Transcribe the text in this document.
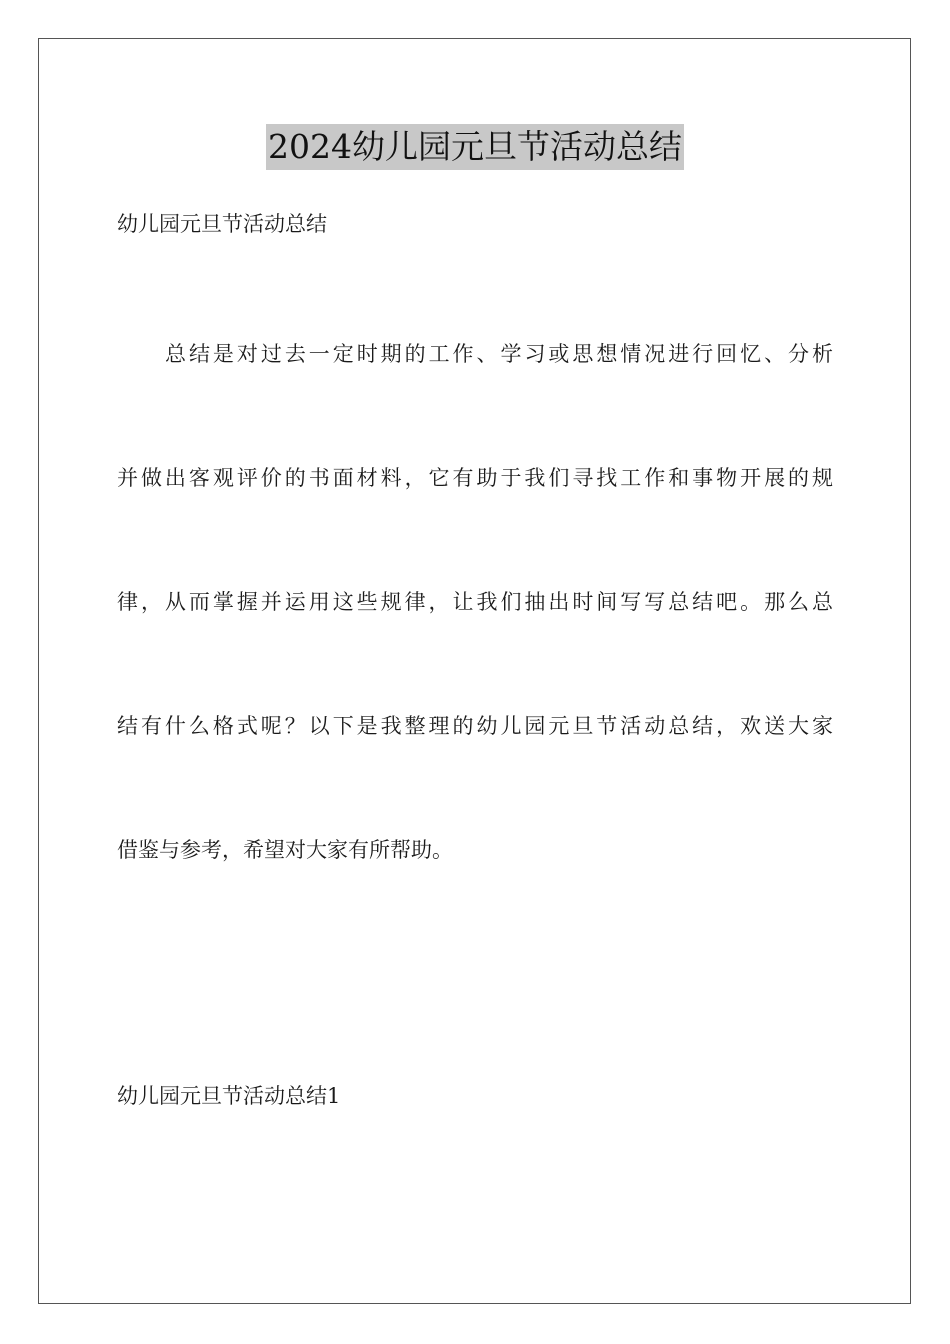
2024幼儿园元旦节活动总结
幼儿园元旦节活动总结
总结是对过去一定时期的工作、学习或思想情况进行回忆、分析
并做出客观评价的书面材料，它有助于我们寻找工作和事物开展的规
律，从而掌握并运用这些规律，让我们抽出时间写写总结吧。那么总
结有什么格式呢？以下是我整理的幼儿园元旦节活动总结，欢送大家
借鉴与参考，希望对大家有所帮助。
幼儿园元旦节活动总结1
